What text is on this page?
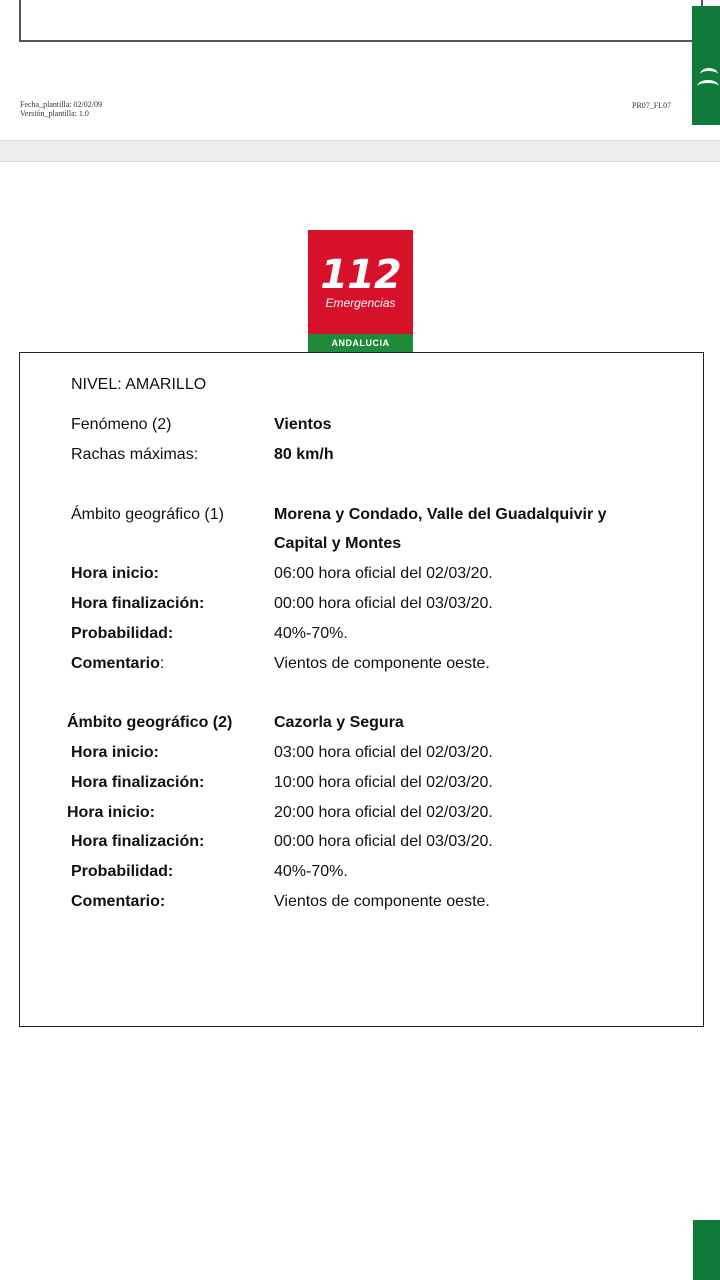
Fecha_plantilla: 02/02/09
Versión_plantilla: 1.0
PR07_FL07
112
Emergencias
ANDALUCIA
NIVEL: AMARILLO
Fenómeno (2)	Vientos
Rachas máximas:	80 km/h
Ámbito geográfico (1)	Morena y Condado, Valle del Guadalquivir y
Capital y Montes
Hora inicio:	06:00 hora oficial del 02/03/20.
Hora finalización:	00:00 hora oficial del 03/03/20.
Probabilidad:	40%-70%.
Comentario:	Vientos de componente oeste.
Ámbito geográfico (2)	Cazorla y Segura
Hora inicio:	03:00 hora oficial del 02/03/20.
Hora finalización:	10:00 hora oficial del 02/03/20.
Hora inicio:	20:00 hora oficial del 02/03/20.
Hora finalización:	00:00 hora oficial del 03/03/20.
Probabilidad:	40%-70%.
Comentario:	Vientos de componente oeste.
